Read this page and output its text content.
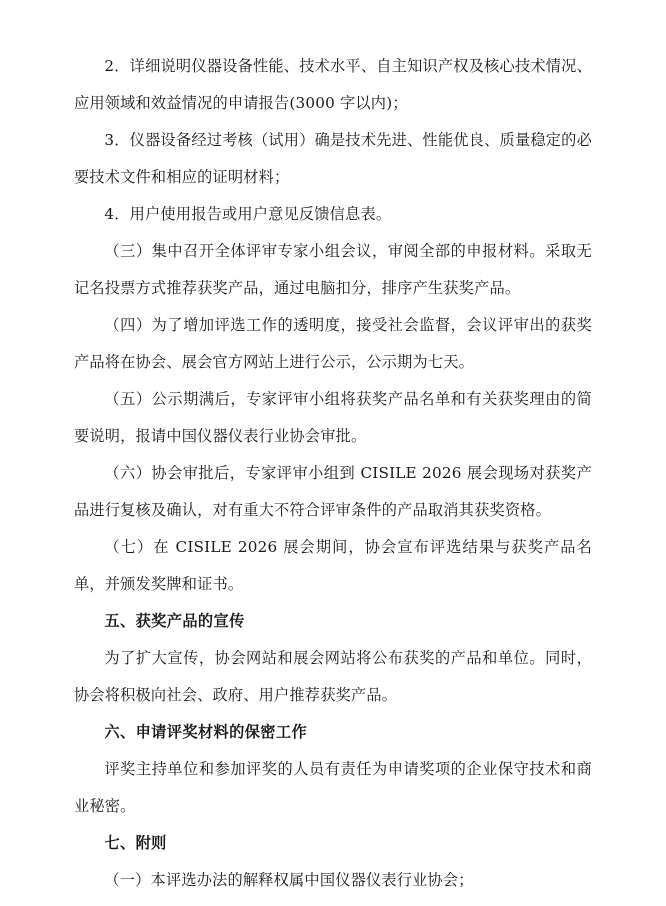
2．详细说明仪器设备性能、技术水平、自主知识产权及核心技术情况、应用领域和效益情况的申请报告(3000 字以内)；

3．仪器设备经过考核（试用）确是技术先进、性能优良、质量稳定的必要技术文件和相应的证明材料；

4．用户使用报告或用户意见反馈信息表。

（三）集中召开全体评审专家小组会议，审阅全部的申报材料。采取无记名投票方式推荐获奖产品，通过电脑扣分，排序产生获奖产品。

（四）为了增加评选工作的透明度，接受社会监督，会议评审出的获奖产品将在协会、展会官方网站上进行公示，公示期为七天。

（五）公示期满后，专家评审小组将获奖产品名单和有关获奖理由的简要说明，报请中国仪器仪表行业协会审批。

（六）协会审批后，专家评审小组到 CISILE 2026 展会现场对获奖产品进行复核及确认，对有重大不符合评审条件的产品取消其获奖资格。

（七）在 CISILE 2026 展会期间，协会宣布评选结果与获奖产品名单，并颁发奖牌和证书。

五、获奖产品的宣传

为了扩大宣传，协会网站和展会网站将公布获奖的产品和单位。同时，协会将积极向社会、政府、用户推荐获奖产品。

六、申请评奖材料的保密工作

评奖主持单位和参加评奖的人员有责任为申请奖项的企业保守技术和商业秘密。

七、附则

（一）本评选办法的解释权属中国仪器仪表行业协会；
